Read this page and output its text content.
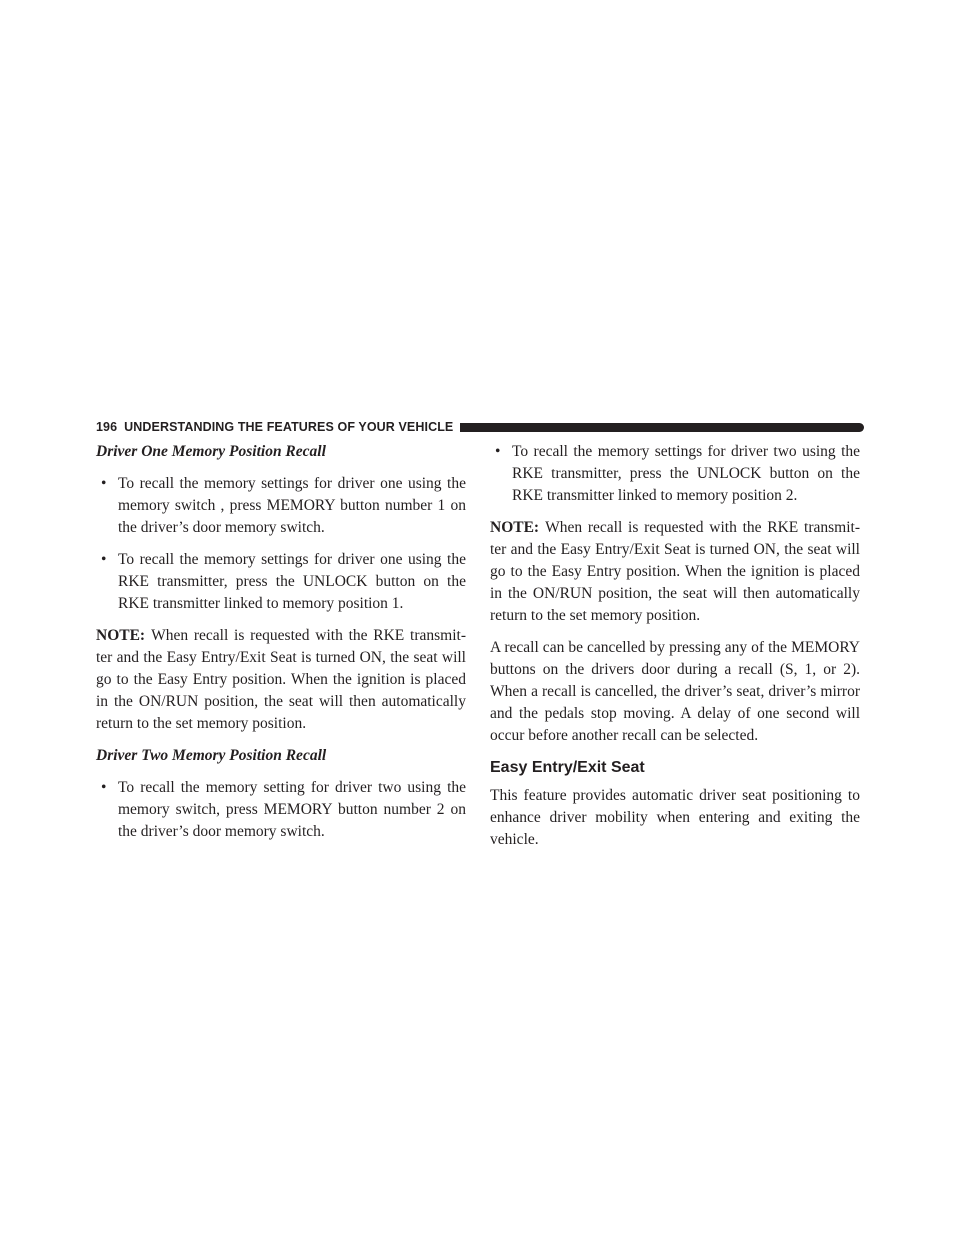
196 UNDERSTANDING THE FEATURES OF YOUR VEHICLE
Driver One Memory Position Recall
• To recall the memory settings for driver one using the memory switch , press MEMORY button number 1 on the driver’s door memory switch.
• To recall the memory settings for driver one using the RKE transmitter, press the UNLOCK button on the RKE transmitter linked to memory position 1.

NOTE: When recall is requested with the RKE transmit-ter and the Easy Entry/Exit Seat is turned ON, the seat will go to the Easy Entry position. When the ignition is placed in the ON/RUN position, the seat will then automatically return to the set memory position.

Driver Two Memory Position Recall
• To recall the memory setting for driver two using the memory switch, press MEMORY button number 2 on the driver’s door memory switch.
• To recall the memory settings for driver two using the RKE transmitter, press the UNLOCK button on the RKE transmitter linked to memory position 2.

NOTE: When recall is requested with the RKE transmit-ter and the Easy Entry/Exit Seat is turned ON, the seat will go to the Easy Entry position. When the ignition is placed in the ON/RUN position, the seat will then automatically return to the set memory position.

A recall can be cancelled by pressing any of the MEMORY buttons on the drivers door during a recall (S, 1, or 2). When a recall is cancelled, the driver’s seat, driver’s mirror and the pedals stop moving. A delay of one second will occur before another recall can be selected.

Easy Entry/Exit Seat

This feature provides automatic driver seat positioning to enhance driver mobility when entering and exiting the vehicle.
